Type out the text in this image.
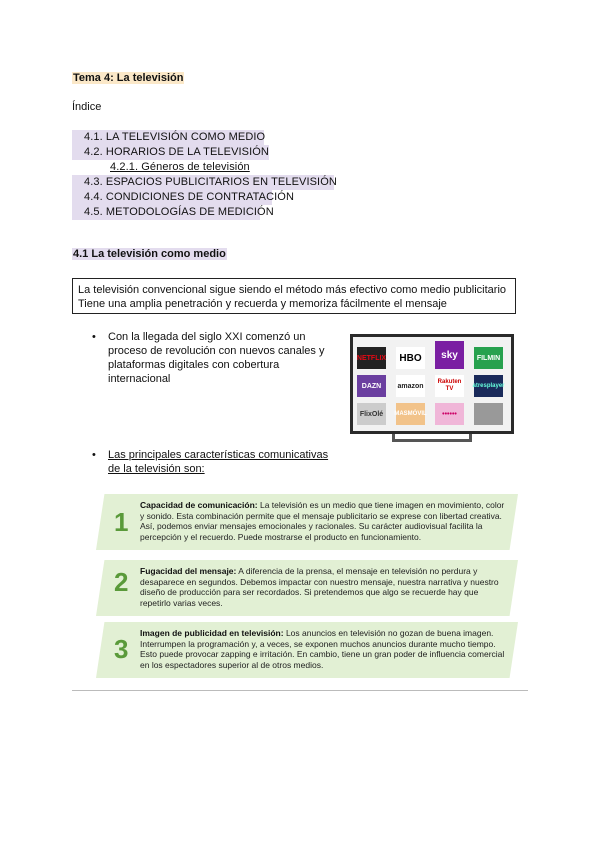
Tema 4: La televisión
Índice
4.1. LA TELEVISIÓN COMO MEDIO
4.2. HORARIOS DE LA TELEVISIÓN
4.2.1. Géneros de televisión
4.3. ESPACIOS PUBLICITARIOS EN TELEVISIÓN
4.4. CONDICIONES DE CONTRATACIÓN
4.5. METODOLOGÍAS DE MEDICIÓN
4.1 La televisión como medio
La televisión convencional sigue siendo el método más efectivo como medio publicitario
Tiene una amplia penetración y recuerda y memoriza fácilmente el mensaje
• Con la llegada del siglo XXI comenzó un proceso de revolución con nuevos canales y plataformas digitales con cobertura internacional
NETFLIX	HBO	sky	FILMIN
DAZN	amazon
Rakuten TV
atresplayer
FlixOlé	MASMÓVIL	••••••
• Las principales características comunicativas de la televisión son:
1
Capacidad de comunicación: La televisión es un medio que tiene imagen en movimiento, color y sonido. Esta combinación permite que el mensaje publicitario se exprese con libertad creativa. Así, podemos enviar mensajes emocionales y racionales. Su carácter audiovisual facilita la percepción y el recuerdo. Puede mostrarse el producto en funcionamiento.
2 Fugacidad del mensaje: A diferencia de la prensa, el mensaje en televisión no perdura y desaparece en segundos. Debemos impactar con nuestro mensaje, nuestra narrativa y nuestro diseño de producción para ser recordados. Si pretendemos que algo se recuerde hay que repetirlo varias veces.
3
Imagen de publicidad en televisión: Los anuncios en televisión no gozan de buena imagen. Interrumpen la programación y, a veces, se exponen muchos anuncios durante mucho tiempo. Esto puede provocar zapping e irritación. En cambio, tiene un gran poder de influencia comercial en los espectadores superior al de otros medios.
